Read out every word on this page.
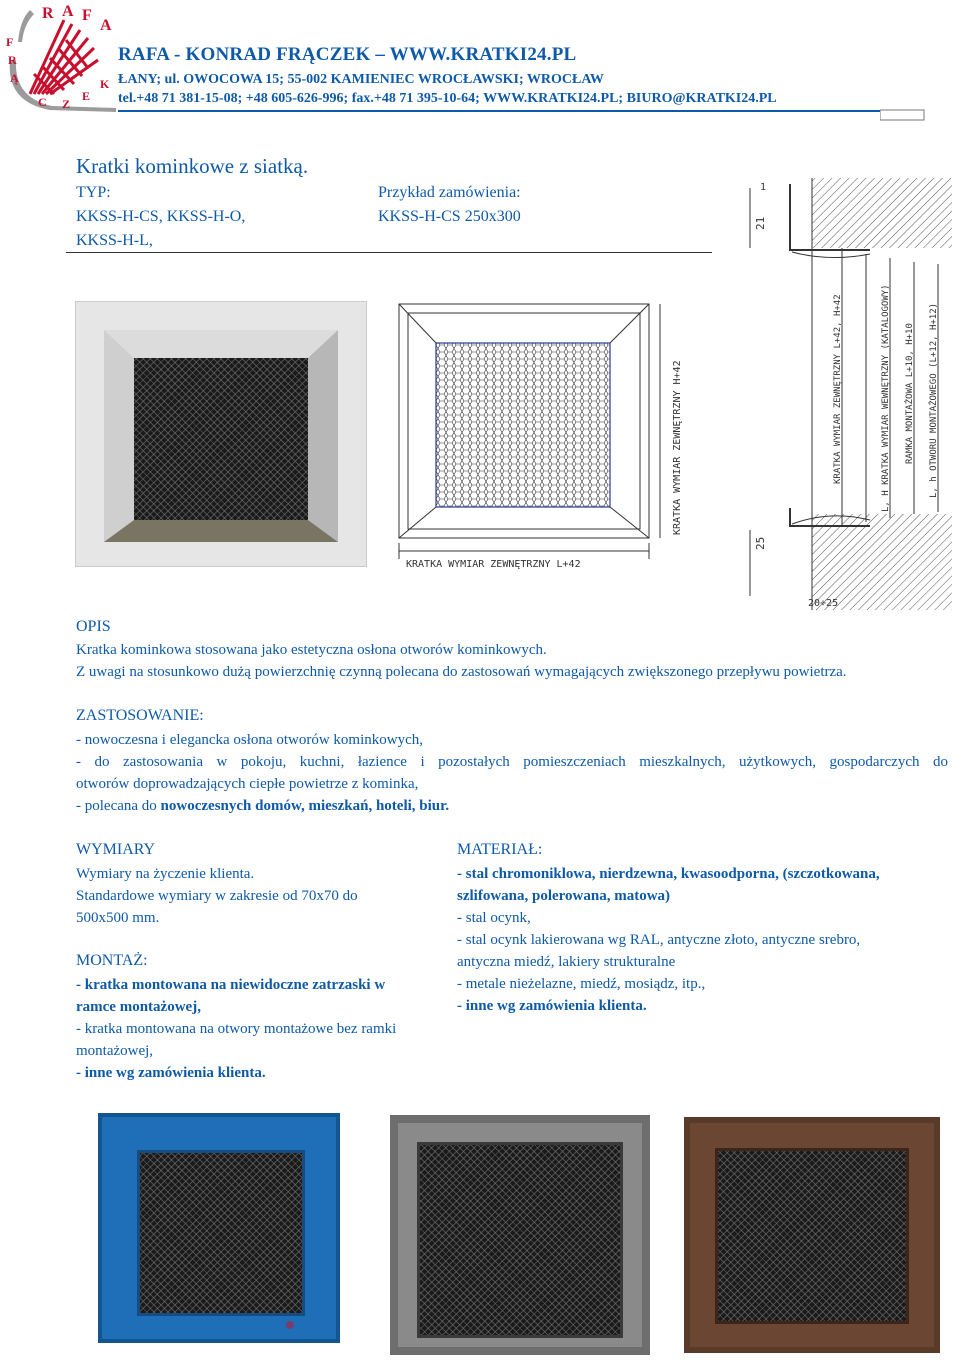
R A F
A
F
R
Ą
C Z
E
K
RAFA - KONRAD FRĄCZEK – WWW.KRATKI24.PL
ŁANY; ul. OWOCOWA 15; 55-002 KAMIENIEC WROCŁAWSKI; WROCŁAW
tel.+48 71 381-15-08; +48 605-626-996; fax.+48 71 395-10-64; WWW.KRATKI24.PL; BIURO@KRATKI24.PL
Kratki kominkowe z siatką.
TYP:
KKSS-H-CS, KKSS-H-O,
KKSS-H-L,
Przykład zamówienia:
KKSS-H-CS 250x300
KRATKA WYMIAR ZEWNĘTRZNY L+42
KRATKA WYMIAR ZEWNĘTRZNY H+42
1
21
25
20÷25
KRATKA WYMIAR ZEWNĘTRZNY L+42, H+42	L, H KRATKA WYMIAR WEWNĘTRZNY (KATALOGOWY) RAMKA MONTAŻOWA L+10, H+10 L, h OTWORU MONTAŻOWEGO (L+12, H+12)
OPIS
Kratka kominkowa stosowana jako estetyczna osłona otworów kominkowych.
Z uwagi na stosunkowo dużą powierzchnię czynną polecana do zastosowań wymagających zwiększonego przepływu powietrza.
ZASTOSOWANIE:
- nowoczesna i elegancka osłona otworów kominkowych,
- do zastosowania w pokoju, kuchni, łazience i pozostałych pomieszczeniach mieszkalnych, użytkowych, gospodarczych do
otworów doprowadzających ciepłe powietrze z kominka,
- polecana do nowoczesnych domów, mieszkań, hoteli, biur.
WYMIARY
Wymiary na życzenie klienta.
Standardowe wymiary w zakresie od 70x70 do
500x500 mm.
MONTAŻ:
- kratka montowana na niewidoczne zatrzaski w
ramce montażowej,
- kratka montowana na otwory montażowe bez ramki
montażowej,
- inne wg zamówienia klienta.
MATERIAŁ:
- stal chromoniklowa, nierdzewna, kwasoodporna, (szczotkowana,
szlifowana, polerowana, matowa)
- stal ocynk,
- stal ocynk lakierowana wg RAL, antyczne złoto, antyczne srebro,
antyczna miedź, lakiery strukturalne
- metale nieżelazne, miedź, mosiądz, itp.,
- inne wg zamówienia klienta.
